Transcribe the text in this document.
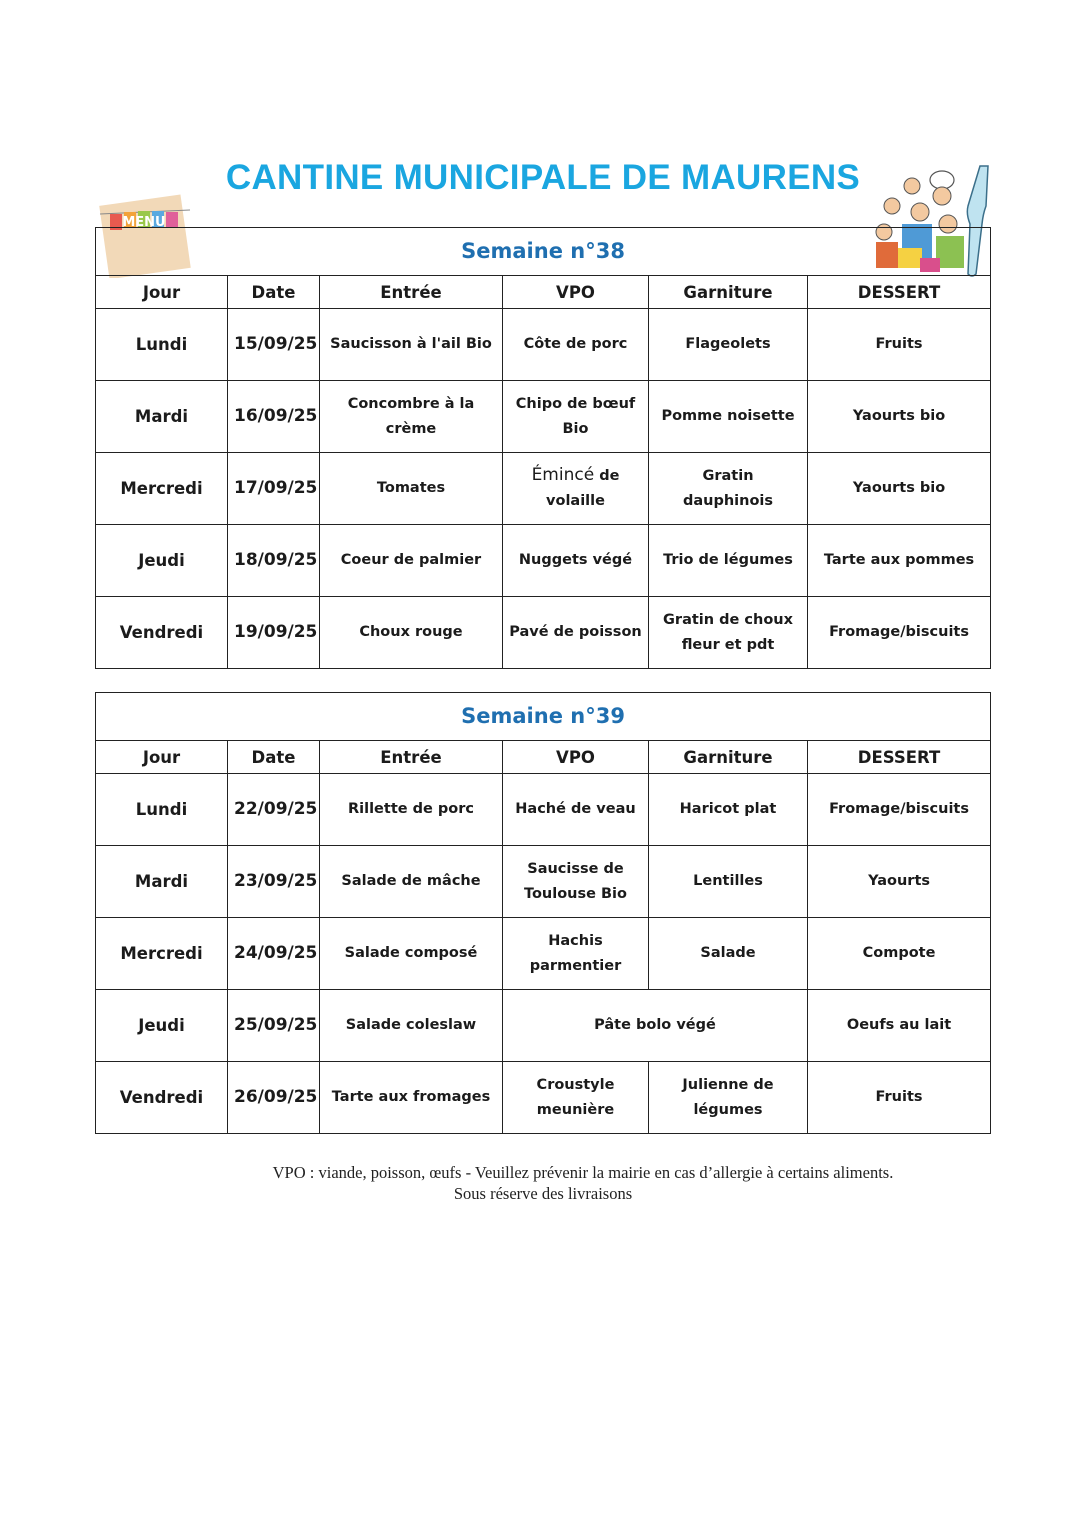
CANTINE MUNICIPALE DE MAURENS
MENU
Semaine n°38					
Jour	Date	Entrée	VPO	Garniture	DESSERT
Lundi	15/09/25	Saucisson à l'ail Bio	Côte de porc	Flageolets	Fruits
Mardi	16/09/25	Concombre à la crème	Chipo de bœuf Bio	Pomme noisette	Yaourts bio
Mercredi	17/09/25	Tomates	Émincé de volaille	Gratin dauphinois	Yaourts bio
Jeudi	18/09/25	Coeur de palmier	Nuggets végé	Trio de légumes	Tarte aux pommes
Vendredi	19/09/25	Choux rouge	Pavé de poisson	Gratin de choux fleur et pdt	Fromage/biscuits
Semaine n°39					
Jour	Date	Entrée	VPO	Garniture	DESSERT
Lundi	22/09/25	Rillette de porc	Haché de veau	Haricot plat	Fromage/biscuits
Mardi	23/09/25	Salade de mâche	Saucisse de Toulouse Bio	Lentilles	Yaourts
Mercredi	24/09/25	Salade composé	Hachis parmentier	Salade	Compote
Jeudi	25/09/25	Salade coleslaw	Pâte bolo végé		Oeufs au lait
Vendredi	26/09/25	Tarte aux fromages	Croustyle meunière	Julienne de légumes	Fruits
VPO : viande, poisson, œufs - Veuillez prévenir la mairie en cas d’allergie à certains aliments.
Sous réserve des livraisons
